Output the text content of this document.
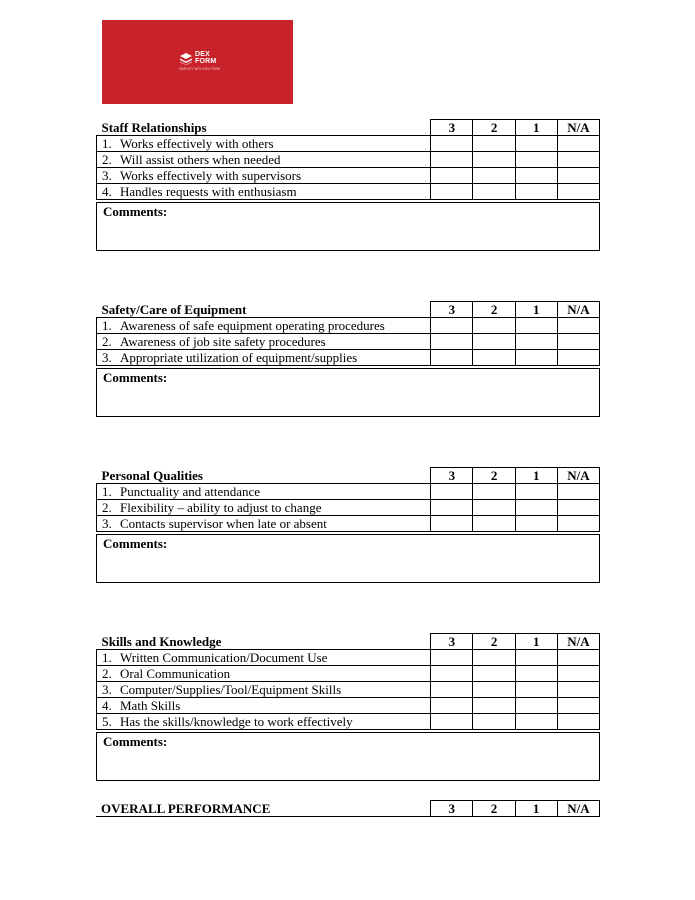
DEX
FORM
SIMPLIFY WITH DEX FORM
Staff Relationships	3	2	1	N/A
1. Works effectively with others				
2. Will assist others when needed				
3. Works effectively with supervisors				
4. Handles requests with enthusiasm				
Comments:
Safety/Care of Equipment	3	2	1	N/A
1. Awareness of safe equipment operating procedures				
2. Awareness of job site safety procedures				
3. Appropriate utilization of equipment/supplies				
Comments:
Personal Qualities	3	2	1	N/A
1. Punctuality and attendance				
2. Flexibility – ability to adjust to change				
3. Contacts supervisor when late or absent				
Comments:
Skills and Knowledge	3	2	1	N/A
1. Written Communication/Document Use				
2. Oral Communication				
3. Computer/Supplies/Tool/Equipment Skills				
4. Math Skills				
5. Has the skills/knowledge to work effectively				
Comments:
OVERALL PERFORMANCE	3	2	1	N/A
